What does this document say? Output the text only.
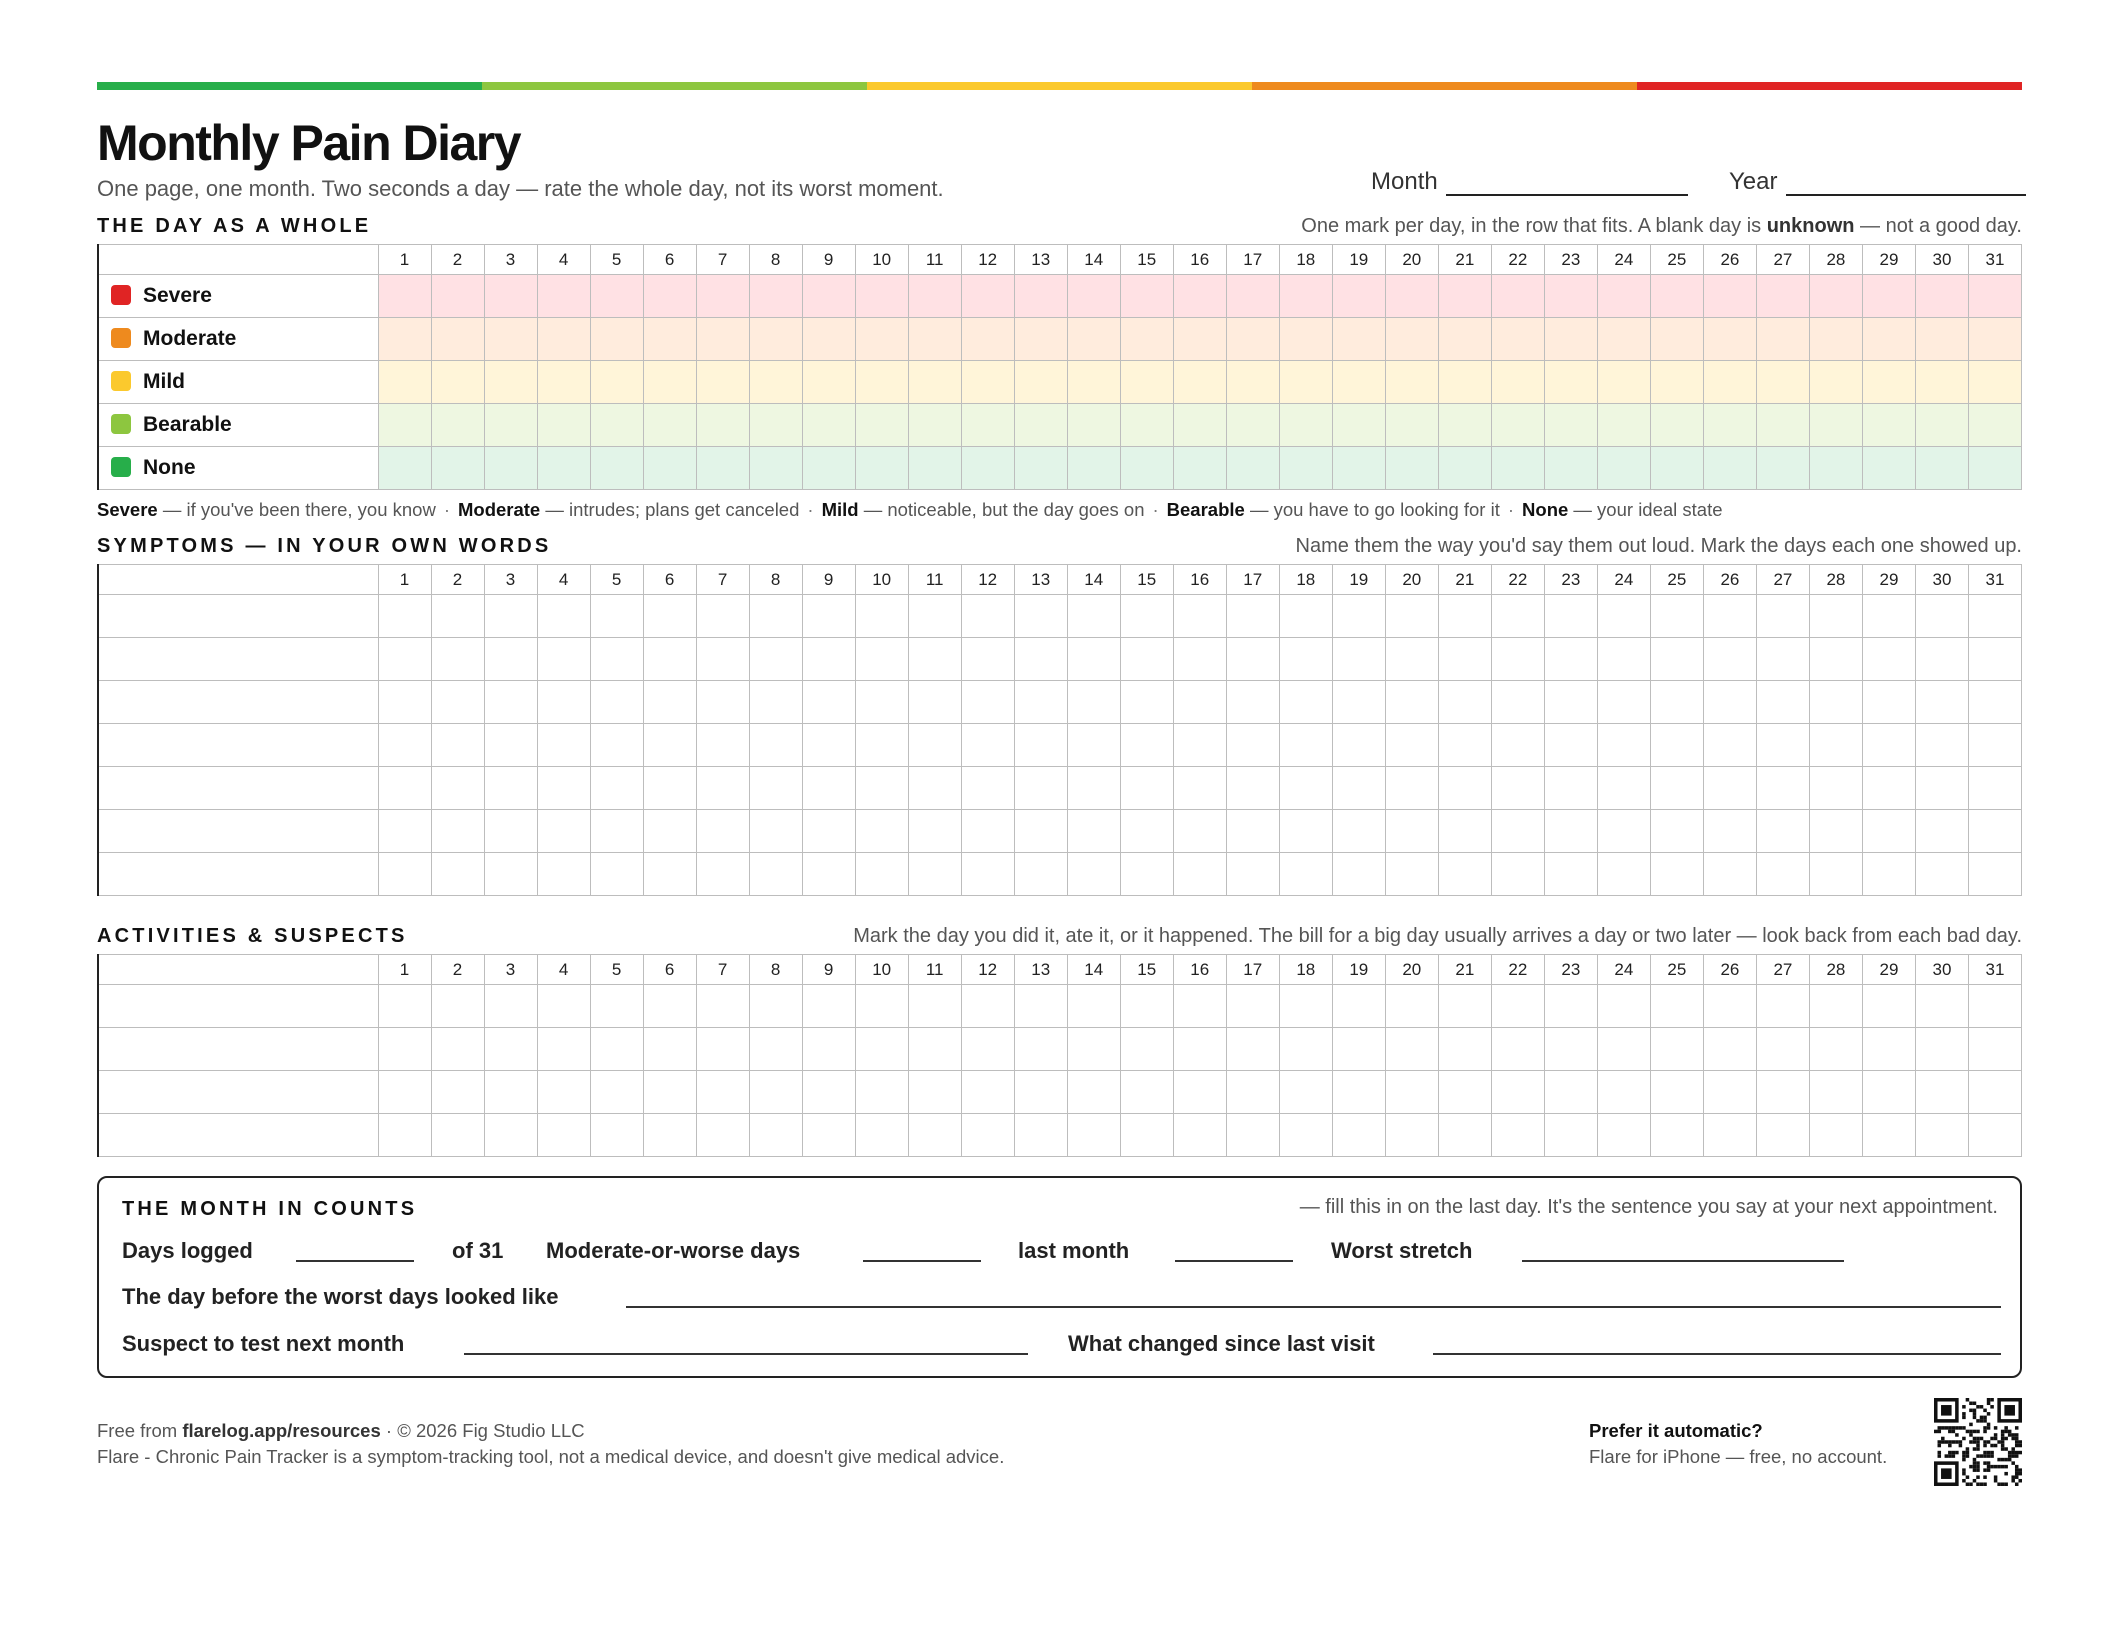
Monthly Pain Diary
One page, one month. Two seconds a day — rate the whole day, not its worst moment.	Month	Year
THE DAY AS A WHOLE	One mark per day, in the row that fits. A blank day is unknown — not a good day.
	1	2	3	4	5	6	7	8	9	10	11	12	13	14	15	16	17	18	19	20	21	22	23	24	25	26	27	28	29	30	31
Severe																															
Moderate																															
Mild																															
Bearable																															
None																															
Severe — if you've been there, you know · Moderate — intrudes; plans get canceled · Mild — noticeable, but the day goes on · Bearable — you have to go looking for it · None — your ideal state
SYMPTOMS — IN YOUR OWN WORDS	Name them the way you'd say them out loud. Mark the days each one showed up.
	1	2	3	4	5	6	7	8	9	10	11	12	13	14	15	16	17	18	19	20	21	22	23	24	25	26	27	28	29	30	31

ACTIVITIES & SUSPECTS	Mark the day you did it, ate it, or it happened. The bill for a big day usually arrives a day or two later — look back from each bad day.
	1	2	3	4	5	6	7	8	9	10	11	12	13	14	15	16	17	18	19	20	21	22	23	24	25	26	27	28	29	30	31

THE MONTH IN COUNTS	— fill this in on the last day. It's the sentence you say at your next appointment.
Days logged	of 31 Moderate-or-worse days	last month	Worst stretch
The day before the worst days looked like
Suspect to test next month	What changed since last visit
Free from flarelog.app/resources · © 2026 Fig Studio LLC
Flare - Chronic Pain Tracker is a symptom-tracking tool, not a medical device, and doesn't give medical advice.
Prefer it automatic?
Flare for iPhone — free, no account.
